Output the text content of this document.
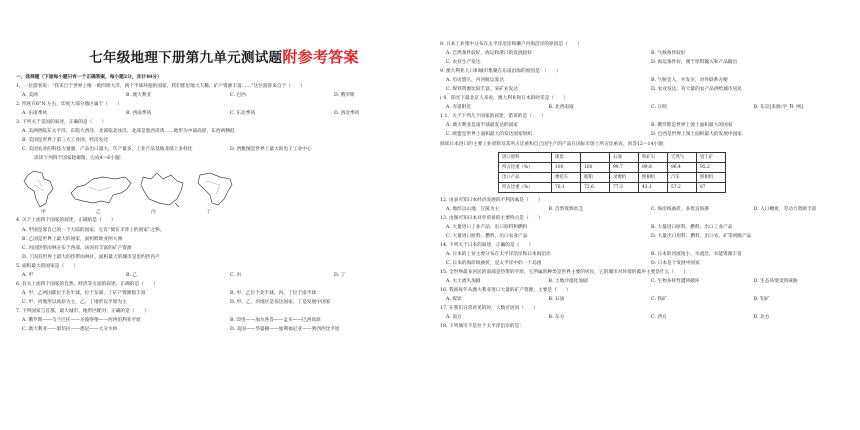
七年级地理下册第九单元测试题附参考答案
一、选择题（下面每小题只有一个正确答案，每小题2分，共计40分）
1．一位游客说：“我来自于世界上唯一被四周大洋，两个半球环抱的国家，我们那里地大人稀，矿产资源丰富……”这位游客来自于（　　）
A. 美洲	B. 澳大利亚	C. 巴西	D. 俄罗斯
2. 纬度在6°N 左右，印度大部分地区属于（　　）
A. 东南季风	B. 西南季风	C. 东北季风	D. 西北季风
3. 下列关于美国的叙述，正确的是（　　）
A. 美洲西临东太平洋，东临大西洋，北部临北冰洋，北部是墨西哥湾……地形为中部高原，东西两侧低
B. 美国是世界上第三大工业国，经济发达
C. 美国农业的科技力量强，产品出口量大，年产量多，工业产品基地北部上多样化	D. 西雅图是世界上最大的电子工业中心
读读下列四个国家轮廓图，完成4～6小题：
甲	乙	丙	丁
4. 关于上面四个国家的叙述，正确的是（　　）
A. 甲国是靠自己的一个大陆的国家，它有“骑在羊背上的国家”之称。
B. 乙国是世界上最大的国家，面积跨欧亚两大洲
C. 丙国热带雨林分布于西部，该国有丰富的矿产资源
D. 丁国有世界上最大的热带雨林区，面积最大的城市是里约热内卢
5. 面积最大的国家是（　　）
A. 甲	B. 乙	C. 丙	D. 丁
6. 有关上面四个国家的自然、经济等方面的叙述，正确的是（　　）
A. 甲、乙两国都位于北半球，位于东部，丁矿产资源很丰富	B. 甲、乙位于北半球，丙、丁位于南半球
C. 甲、丙地形以高原为主，乙、丁地形以平原为主	D. 甲、乙、丙地区是发达国家，丁是发展中国家
7. 下列国家与首都，最大城市，地形匹配对，正确的是（　　）
A. 俄罗斯——乌兰巴托——圣彼得堡——西西伯利亚平原	B. 印度——加尔各答——孟买——巴西高原
C. 澳大利亚——堪培拉——悉尼——大分水岭	D. 美国——华盛顿——加利福尼亚——密西西比平原
8. 日本工业集中分布在太平洋沿岸和濑户内海沿岸的原因是（　　）
A. 自然条件较好，海运和港口的发展较好	B. 气候条件较好
C. 农业生产发达	D. 海运条件好，便于原料输入和产品输出
9. 澳大利亚人口和城市集聚在东南沿海的原因是：（　　）
A. 历史悠久，内河航运发达	B. 气候宜人，开发早，对外联系方便
C. 煤铁资源比较丰富，采矿业发达	D. 农业发达，有大量的农产品供给城市居民
( 0．阳光下最北京人来说，澳大利亚和日本的时差是（　　）
A. 赤道附近	B. 北西南坡	C. 日照	D. 东京[来源:学_科_网]
1 1．关于下列几个国家的叙述，错误的是（　　）
A. 澳大利亚是南半球最发达的国家	B. 俄罗斯是世界上领土面积最大的国家
C. 欧盟是世界上面积最大的发达国家组织	D. 巴西是世界上领土面积最大的发展中国家
阅读日本进口的主要工业原料及其所占比重和自己国生产的产品在国际市场上所占比重表，回答12～14小题：
进口原料	煤炭		石油	铁矿石	天然气	铝土矿
所占比重（%）	100	100	99.7	99.8	96.4	95.2
出口产品	摩托车	船舶	录像机	照相机	汽车	照相机
所占比重（%）	76.1	72.6	77.3	43.1	57.2	87
12. 由表可知日本经济发展的不利因素是（　　）
A. 地形以山地、丘陵为主	B. 自然资源贫乏	C. 海岸线曲折，多优良海港	D. 人口稠密，劳动力资源丰富
13. 由图可知日本对外贸易的主要特点是（　　）
A. 大量进口工业产品、出口原料和燃料	B. 大量进口原料、燃料，出口工业产品
C. 大量进口原料、燃料，出口农业产品	D. 大量出口原料、燃料，出口农、矿等初级产品
14. 下列关于日本的叙述，正确的是（　　）
A. 日本的工业主要分布在太平洋沿岸和日本海沿岸	B. 日本的河流短小，水流急，水能资源丰富
C. 日本的海岸线曲折，是太平洋中的一个岛国	D. 日本是个发展中国家
15. 全世界最多居民的南部是热带的平原，它所属的种类是世界主要的居民，它的城市对环境的破坏主要是什么（　　）
A. 水土流失加剧	B. 土地沙漠化加剧	C. 生物多样性遭到破坏	D. 生态环境受到威胁
16. 我国每年从澳大利亚进口大量的矿产资源，主要是（　　）
A. 煤炭	B. 石油	C. 铁矿	D. 铝矿
17. 在我们日常看见的时，人数应居问（　　）
A. 南方	B. 东方	C. 西方	D. 北方
18. 下列城市不是位于太平洋沿岸的是：
